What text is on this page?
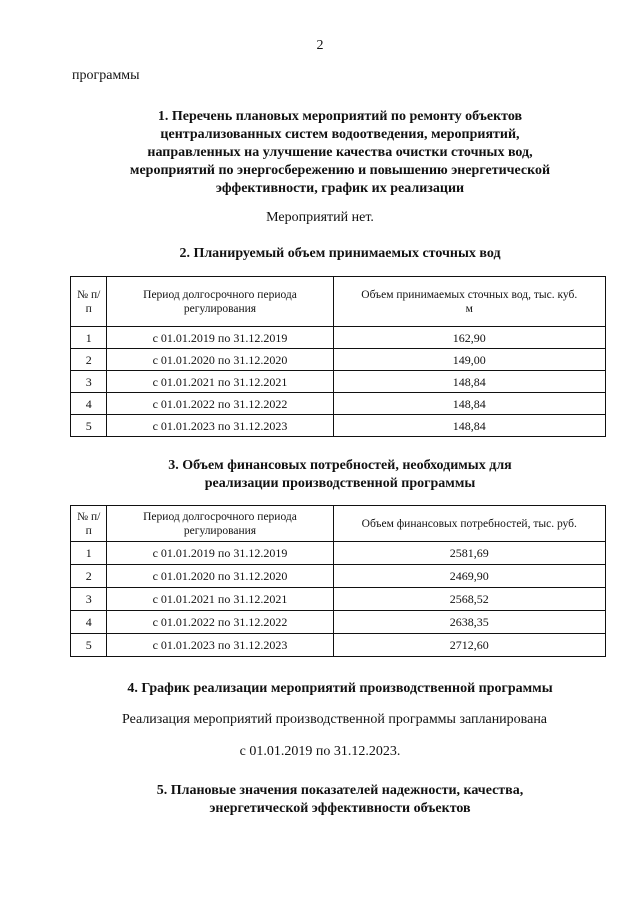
2
программы
1. Перечень плановых мероприятий по ремонту объектов
централизованных систем водоотведения, мероприятий,
направленных на улучшение качества очистки сточных вод,
мероприятий по энергосбережению и повышению энергетической
эффективности, график их реализации
Мероприятий нет.
2. Планируемый объем принимаемых сточных вод
№ п/п	Период долгосрочного периода регулирования	Объем принимаемых сточных вод, тыс. куб.
м

1	с 01.01.2019 по 31.12.2019	162,90
2	с 01.01.2020 по 31.12.2020	149,00
3	с 01.01.2021 по 31.12.2021	148,84
4	с 01.01.2022 по 31.12.2022	148,84
5	с 01.01.2023 по 31.12.2023	148,84
3. Объем финансовых потребностей, необходимых для
реализации производственной программы
№ п/п	Период долгосрочного периода регулирования	Объем финансовых потребностей, тыс. руб.
1	с 01.01.2019 по 31.12.2019	2581,69
2	с 01.01.2020 по 31.12.2020	2469,90
3	с 01.01.2021 по 31.12.2021	2568,52
4	с 01.01.2022 по 31.12.2022	2638,35
5	с 01.01.2023 по 31.12.2023	2712,60
4. График реализации мероприятий производственной программы
Реализация мероприятий производственной программы запланирована
с 01.01.2019 по 31.12.2023.
5. Плановые значения показателей надежности, качества,
энергетической эффективности объектов
